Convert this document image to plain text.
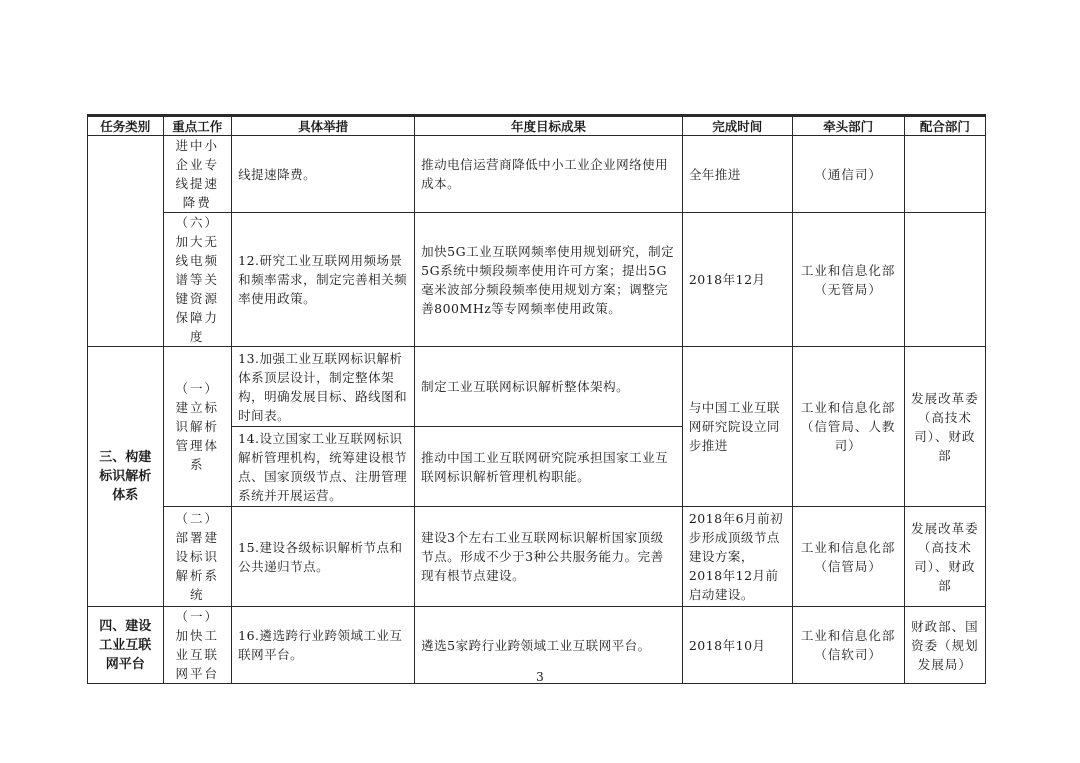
任务类别	重点工作	具体举措	年度目标成果	完成时间	牵头部门	配合部门
	进中小企业专线提速降费	线提速降费。	推动电信运营商降低中小工业企业网络使用成本。	全年推进	（通信司）	
	（六）加大无线电频谱等关键资源保障力度	12.研究工业互联网用频场景和频率需求，制定完善相关频率使用政策。	加快5G工业互联网频率使用规划研究，制定5G系统中频段频率使用许可方案；提出5G毫米波部分频段频率使用规划方案；调整完善800MHz等专网频率使用政策。	2018年12月	工业和信息化部（无管局）	
三、构建标识解析体系	（一）建立标识解析管理体系	13.加强工业互联网标识解析体系顶层设计，制定整体架构，明确发展目标、路线图和时间表。	制定工业互联网标识解析整体架构。	与中国工业互联网研究院设立同步推进	工业和信息化部（信管局、人教司）	发展改革委（高技术司）、财政部
		14.设立国家工业互联网标识解析管理机构，统筹建设根节点、国家顶级节点、注册管理系统并开展运营。	推动中国工业互联网研究院承担国家工业互联网标识解析管理机构职能。			
	（二）部署建设标识解析系统	15.建设各级标识解析节点和公共递归节点。	建设3个左右工业互联网标识解析国家顶级节点。形成不少于3种公共服务能力。完善现有根节点建设。	2018年6月前初步形成顶级节点建设方案，2018年12月前启动建设。	工业和信息化部（信管局）	发展改革委（高技术司）、财政部
四、建设工业互联网平台	（一）加快工业互联网平台	16.遴选跨行业跨领域工业互联网平台。	遴选5家跨行业跨领域工业互联网平台。	2018年10月	工业和信息化部（信软司）	财政部、国资委（规划发展局）
3
